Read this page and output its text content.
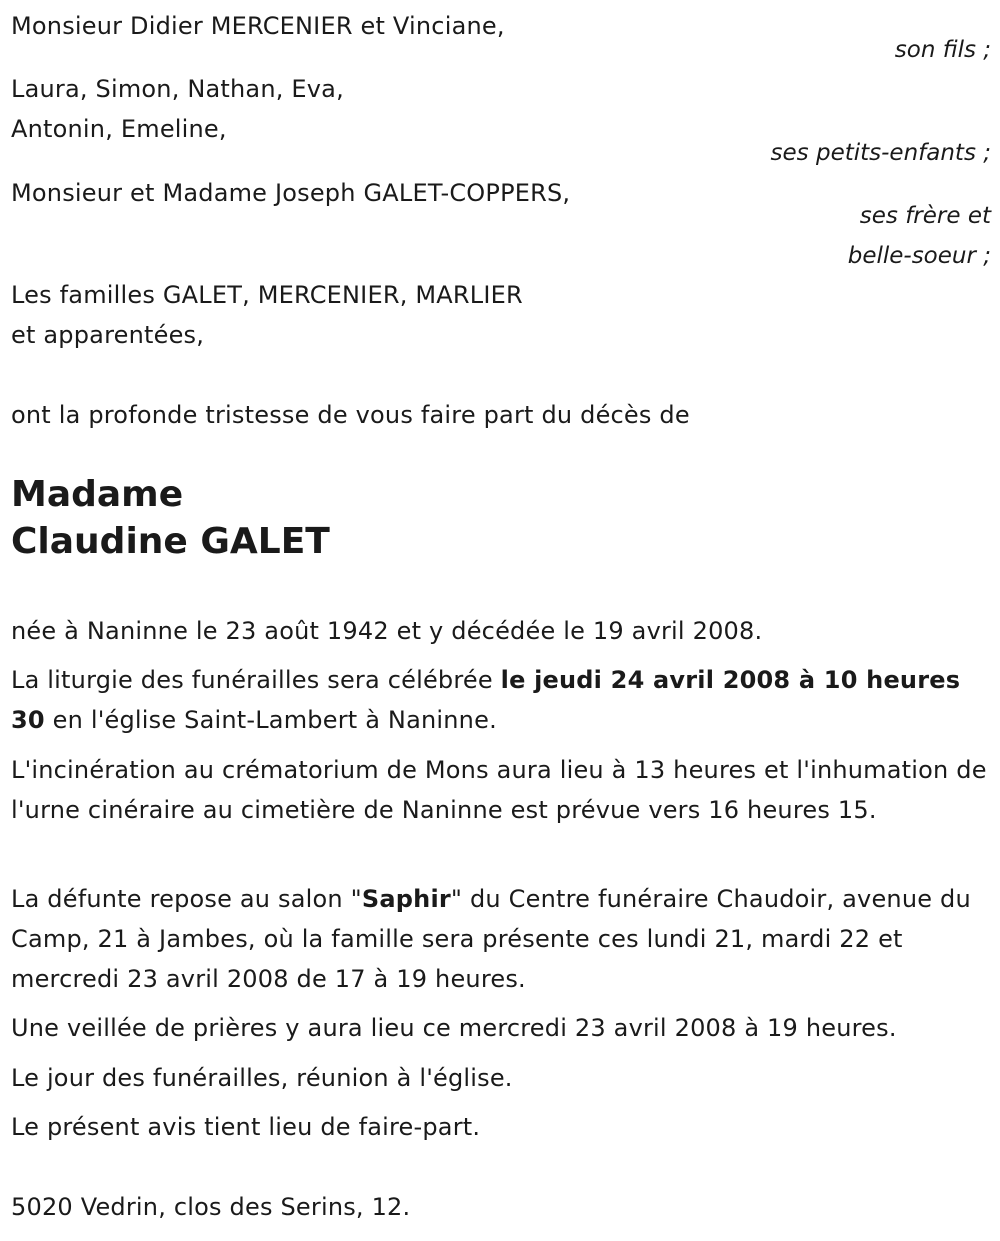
Monsieur Didier MERCENIER et Vinciane,
son fils ;
Laura, Simon, Nathan, Eva,
Antonin, Emeline,
ses petits-enfants ;
Monsieur et Madame Joseph GALET-COPPERS,
ses frère et
belle-soeur ;
Les familles GALET, MERCENIER, MARLIER
et apparentées,
ont la profonde tristesse de vous faire part du décès de
Madame
Claudine GALET
née à Naninne le 23 août 1942 et y décédée le 19 avril 2008.
La liturgie des funérailles sera célébrée le jeudi 24 avril 2008 à 10 heures 30 en l'église Saint-Lambert à Naninne.
L'incinération au crématorium de Mons aura lieu à 13 heures et l'inhumation de l'urne cinéraire au cimetière de Naninne est prévue vers 16 heures 15.
La défunte repose au salon "Saphir" du Centre funéraire Chaudoir, avenue du Camp, 21 à Jambes, où la famille sera présente ces lundi 21, mardi 22 et mercredi 23 avril 2008 de 17 à 19 heures.
Une veillée de prières y aura lieu ce mercredi 23 avril 2008 à 19 heures.
Le jour des funérailles, réunion à l'église.
Le présent avis tient lieu de faire-part.
5020 Vedrin, clos des Serins, 12.
